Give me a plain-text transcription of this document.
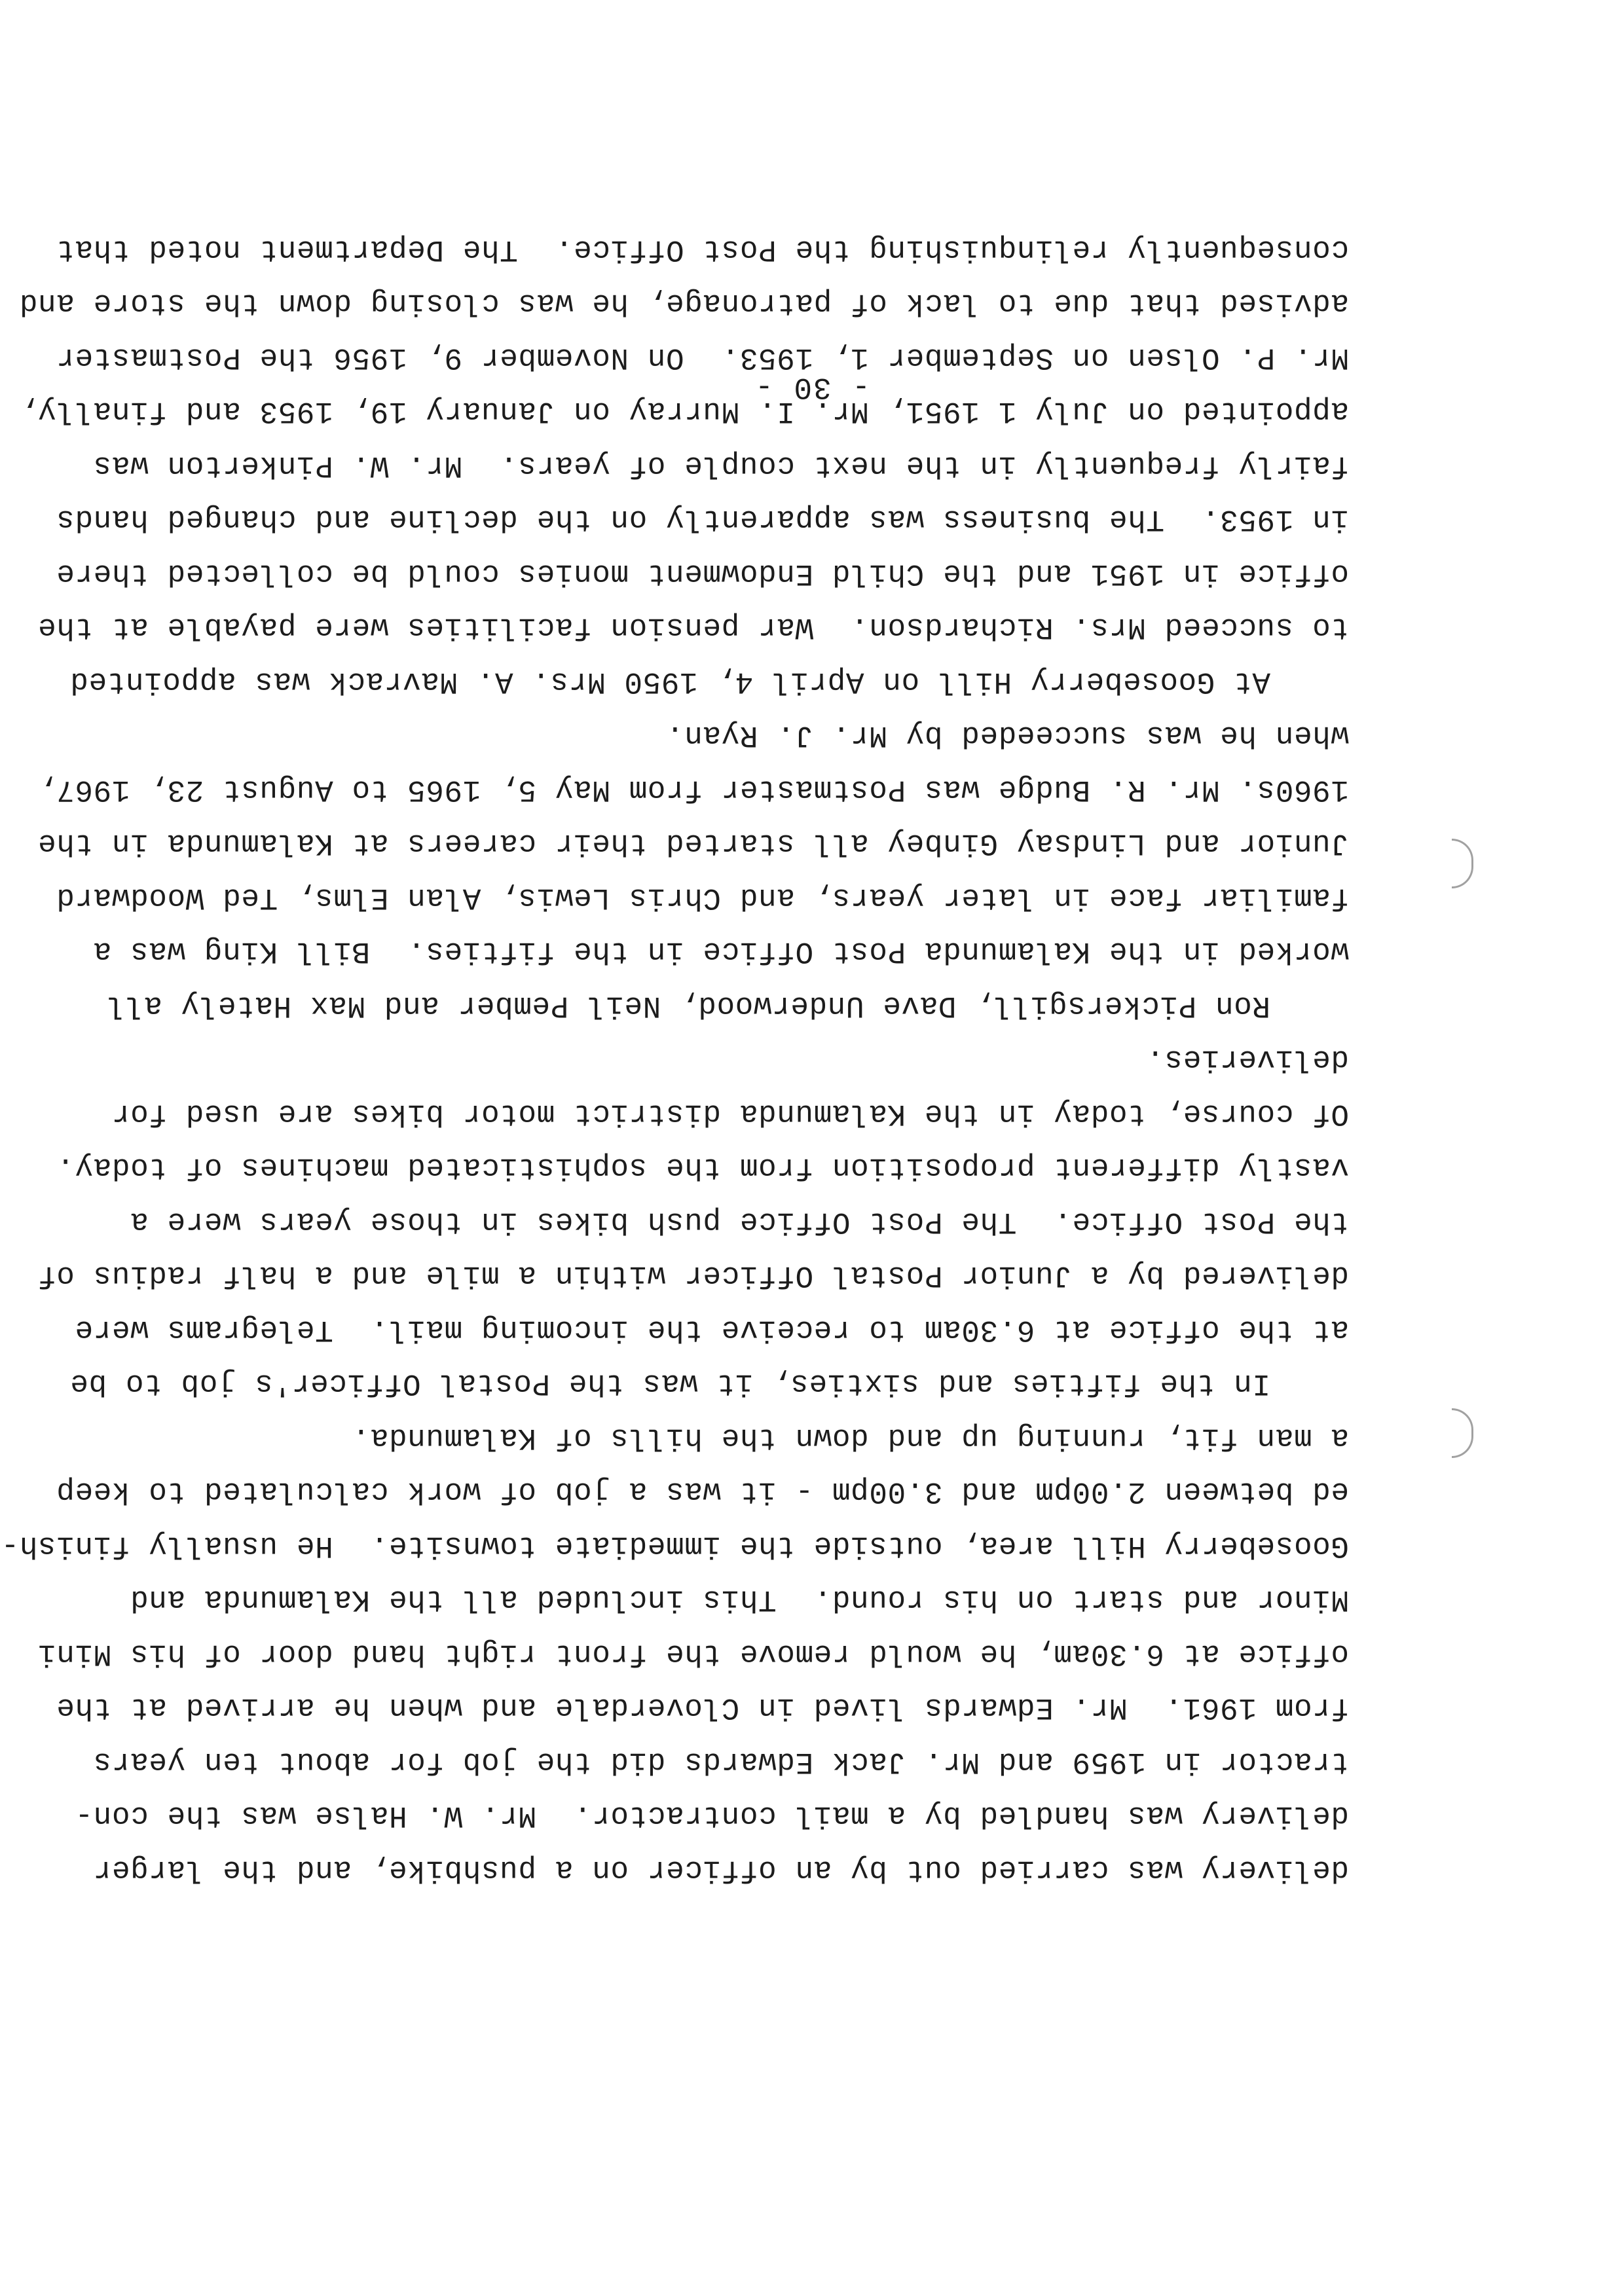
delivery was carried out by an officer on a pushbike, and the larger
delivery was handled by a mail contractor.  Mr. W. Halse was the con-
tractor in 1959 and Mr. Jack Edwards did the job for about ten years
from 1961.  Mr. Edwards lived in Cloverdale and when he arrived at the
office at 6.30am, he would remove the front right hand door of his Mini
Minor and start on his round.  This included all the Kalamunda and
Gooseberry Hill area, outside the immediate townsite.  He usually finish-
ed between 2.00pm and 3.00pm - it was a job of work calculated to keep
a man fit, running up and down the hills of Kalamunda.
In the fifties and sixties, it was the Postal Officer's job to be
at the office at 6.30am to receive the incoming mail.  Telegrams were
delivered by a Junior Postal Officer within a mile and a half radius of
the Post Office.  The Post Office push bikes in those years were a
vastly different proposition from the sophisticated machines of today.
Of course, today in the Kalamunda district motor bikes are used for
deliveries.
Ron Pickersgill, Dave Underwood, Neil Pember and Max Hately all
worked in the Kalamunda Post Office in the fifties.  Bill King was a
familiar face in later years, and Chris Lewis, Alan Elms, Ted Woodward
Junior and Lindsay Ginbey all started their careers at Kalamunda in the
1960s. Mr. R. Budge was Postmaster from May 5, 1965 to August 23, 1967,
when he was succeeded by Mr. J. Ryan.
At Gooseberry Hill on April 4, 1950 Mrs. A. Mavrack was appointed
to succeed Mrs. Richardson.  War pension facilities were payable at the
office in 1951 and the Child Endowment monies could be collected there
in 1953.  The business was apparently on the decline and changed hands
fairly frequently in the next couple of years.  Mr. W. Pinkerton was
appointed on July 1 1951, Mr. I. Murray on January 19, 1953 and finally,
Mr. P. Olsen on September 1, 1953.  On November 9, 1956 the Postmaster
advised that due to lack of patronage, he was closing down the store and
consequently relinquishing the Post Office.  The Department noted that
- 30 -
